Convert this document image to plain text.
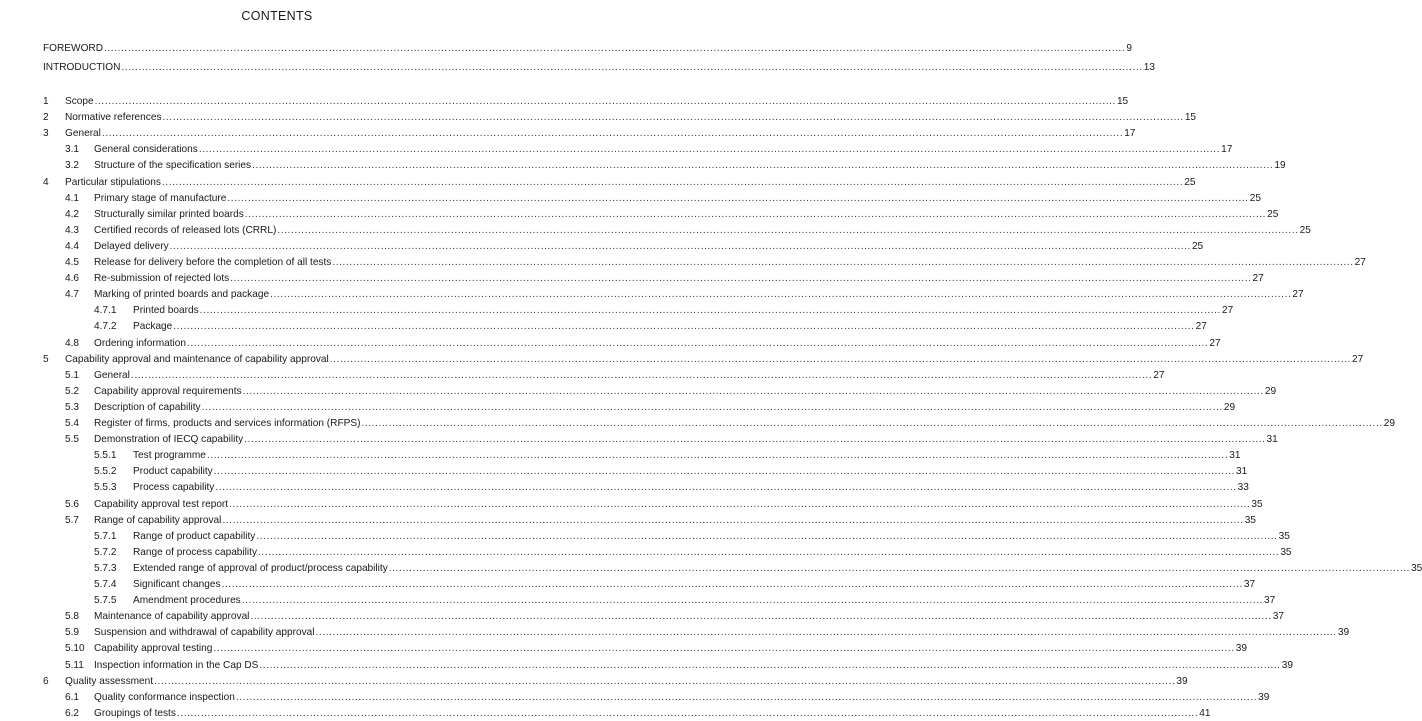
CONTENTS
FOREWORD ............................................................................................................................................................................................................................................................................................................ 9
INTRODUCTION ............................................................................................................................................................................................................................................................................................................ 13
1 Scope ............................................................................................................................................................................................................................................................................................................ 15
2 Normative references ............................................................................................................................................................................................................................................................................................................ 15
3 General ............................................................................................................................................................................................................................................................................................................ 17
3.1 General considerations ............................................................................................................................................................................................................................................................................................................ 17
3.2 Structure of the specification series ............................................................................................................................................................................................................................................................................................................ 19
4 Particular stipulations ............................................................................................................................................................................................................................................................................................................ 25
4.1 Primary stage of manufacture ............................................................................................................................................................................................................................................................................................................ 25
4.2 Structurally similar printed boards ............................................................................................................................................................................................................................................................................................................ 25
4.3 Certified records of released lots (CRRL) ............................................................................................................................................................................................................................................................................................................ 25
4.4 Delayed delivery ............................................................................................................................................................................................................................................................................................................ 25
4.5 Release for delivery before the completion of all tests ............................................................................................................................................................................................................................................................................................................ 27
4.6 Re-submission of rejected lots ............................................................................................................................................................................................................................................................................................................ 27
4.7 Marking of printed boards and package ............................................................................................................................................................................................................................................................................................................ 27
4.7.1 Printed boards ............................................................................................................................................................................................................................................................................................................ 27
4.7.2 Package ............................................................................................................................................................................................................................................................................................................ 27
4.8 Ordering information ............................................................................................................................................................................................................................................................................................................ 27
5 Capability approval and maintenance of capability approval ............................................................................................................................................................................................................................................................................................................ 27
5.1 General ............................................................................................................................................................................................................................................................................................................ 27
5.2 Capability approval requirements ............................................................................................................................................................................................................................................................................................................ 29
5.3 Description of capability ............................................................................................................................................................................................................................................................................................................ 29
5.4 Register of firms, products and services information (RFPS) ............................................................................................................................................................................................................................................................................................................ 29
5.5 Demonstration of IECQ capability ............................................................................................................................................................................................................................................................................................................ 31
5.5.1 Test programme ............................................................................................................................................................................................................................................................................................................ 31
5.5.2 Product capability ............................................................................................................................................................................................................................................................................................................ 31
5.5.3 Process capability ............................................................................................................................................................................................................................................................................................................ 33
5.6 Capability approval test report ............................................................................................................................................................................................................................................................................................................ 35
5.7 Range of capability approval ............................................................................................................................................................................................................................................................................................................ 35
5.7.1 Range of product capability ............................................................................................................................................................................................................................................................................................................ 35
5.7.2 Range of process capability ............................................................................................................................................................................................................................................................................................................ 35
5.7.3 Extended range of approval of product/process capability ............................................................................................................................................................................................................................................................................................................ 35
5.7.4 Significant changes ............................................................................................................................................................................................................................................................................................................ 37
5.7.5 Amendment procedures ............................................................................................................................................................................................................................................................................................................ 37
5.8 Maintenance of capability approval ............................................................................................................................................................................................................................................................................................................ 37
5.9 Suspension and withdrawal of capability approval ............................................................................................................................................................................................................................................................................................................ 39
5.10 Capability approval testing ............................................................................................................................................................................................................................................................................................................ 39
5.11 Inspection information in the Cap DS ............................................................................................................................................................................................................................................................................................................ 39
6 Quality assessment ............................................................................................................................................................................................................................................................................................................ 39
6.1 Quality conformance inspection ............................................................................................................................................................................................................................................................................................................ 39
6.2 Groupings of tests ............................................................................................................................................................................................................................................................................................................ 41
